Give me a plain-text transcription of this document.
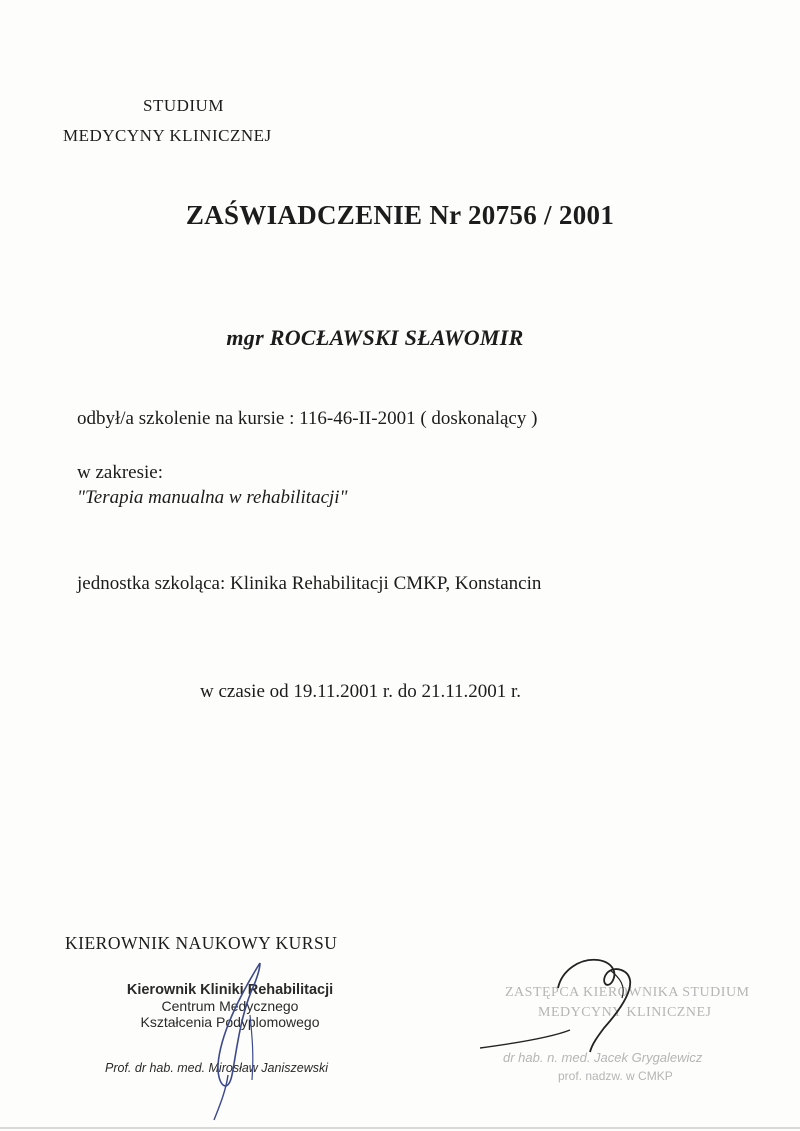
STUDIUM
MEDYCYNY KLINICZNEJ
ZAŚWIADCZENIE Nr 20756 / 2001
mgr ROCŁAWSKI SŁAWOMIR
odbył/a szkolenie na kursie : 116-46-II-2001 ( doskonalący )
w zakresie:
"Terapia manualna w rehabilitacji"
jednostka szkoląca: Klinika Rehabilitacji CMKP, Konstancin
w czasie od 19.11.2001 r. do 21.11.2001 r.
KIEROWNIK NAUKOWY KURSU
Kierownik Kliniki Rehabilitacji
Centrum Medycznego
Kształcenia Podyplomowego
Prof. dr hab. med. Mirosław Janiszewski
ZASTĘPCA KIEROWNIKA STUDIUM
MEDYCYNY KLINICZNEJ
dr hab. n. med. Jacek Grygalewicz
prof. nadzw. w CMKP
